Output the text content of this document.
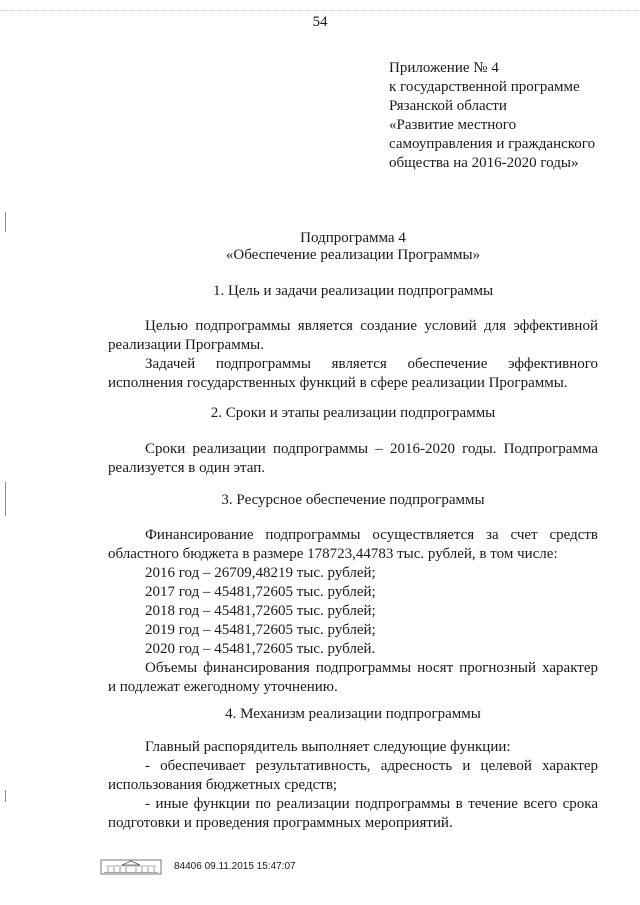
54
Приложение № 4
к государственной программе
Рязанской области
«Развитие местного
самоуправления и гражданского
общества на 2016-2020 годы»
Подпрограмма 4
«Обеспечение реализации Программы»
1. Цель и задачи реализации подпрограммы

Целью подпрограммы является создание условий для эффективной реализации Программы.

Задачей подпрограммы является обеспечение эффективного исполнения государственных функций в сфере реализации Программы.

2. Сроки и этапы реализации подпрограммы

Сроки реализации подпрограммы – 2016-2020 годы. Подпрограмма реализуется в один этап.

3. Ресурсное обеспечение подпрограммы

Финансирование подпрограммы осуществляется за счет средств областного бюджета в размере 178723,44783 тыс. рублей, в том числе:

2016 год – 26709,48219 тыс. рублей;

2017 год – 45481,72605 тыс. рублей;

2018 год – 45481,72605 тыс. рублей;

2019 год – 45481,72605 тыс. рублей;

2020 год – 45481,72605 тыс. рублей.

Объемы финансирования подпрограммы носят прогнозный характер и подлежат ежегодному уточнению.

4. Механизм реализации подпрограммы

Главный распорядитель выполняет следующие функции:

- обеспечивает результативность, адресность и целевой характер использования бюджетных средств;

- иные функции по реализации подпрограммы в течение всего срока подготовки и проведения программных мероприятий.

84406 09.11.2015 15:47:07
